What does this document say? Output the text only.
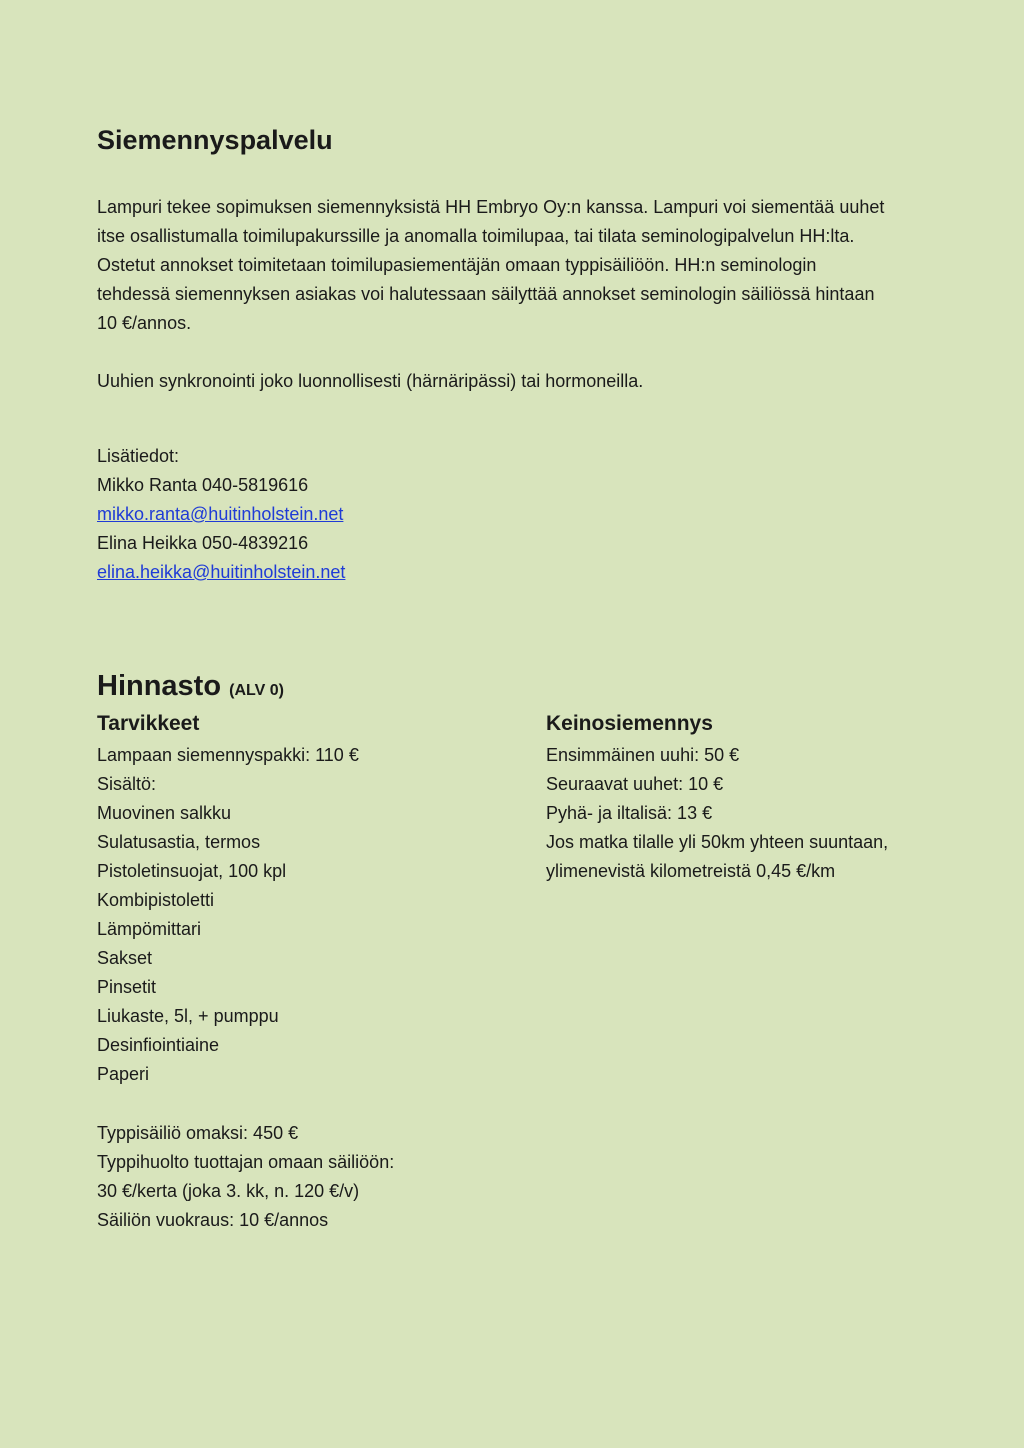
Siemennyspalvelu
Lampuri tekee sopimuksen siemennyksistä HH Embryo Oy:n kanssa. Lampuri voi siementää uuhet
itse osallistumalla toimilupakurssille ja anomalla toimilupaa, tai tilata seminologipalvelun HH:lta.
Ostetut annokset toimitetaan toimilupasiementäjän omaan typpisäiliöön. HH:n seminologin
tehdessä siemennyksen asiakas voi halutessaan säilyttää annokset seminologin säiliössä hintaan
10 €/annos.
Uuhien synkronointi joko luonnollisesti (härnäripässi) tai hormoneilla.
Lisätiedot:
Mikko Ranta 040-5819616
mikko.ranta@huitinholstein.net
Elina Heikka 050-4839216
elina.heikka@huitinholstein.net
Hinnasto (ALV 0)
Tarvikkeet
Lampaan siemennyspakki: 110 €
Sisältö:
Muovinen salkku
Sulatusastia, termos
Pistoletinsuojat, 100 kpl
Kombipistoletti
Lämpömittari
Sakset
Pinsetit
Liukaste, 5l, + pumppu
Desinfiointiaine
Paperi
Typpisäiliö omaksi: 450 €
Typpihuolto tuottajan omaan säiliöön:
30 €/kerta (joka 3. kk, n. 120 €/v)
Säiliön vuokraus: 10 €/annos
Keinosiemennys
Ensimmäinen uuhi: 50 €
Seuraavat uuhet: 10 €
Pyhä- ja iltalisä: 13 €
Jos matka tilalle yli 50km yhteen suuntaan,
ylimenevistä kilometreistä 0,45 €/km
